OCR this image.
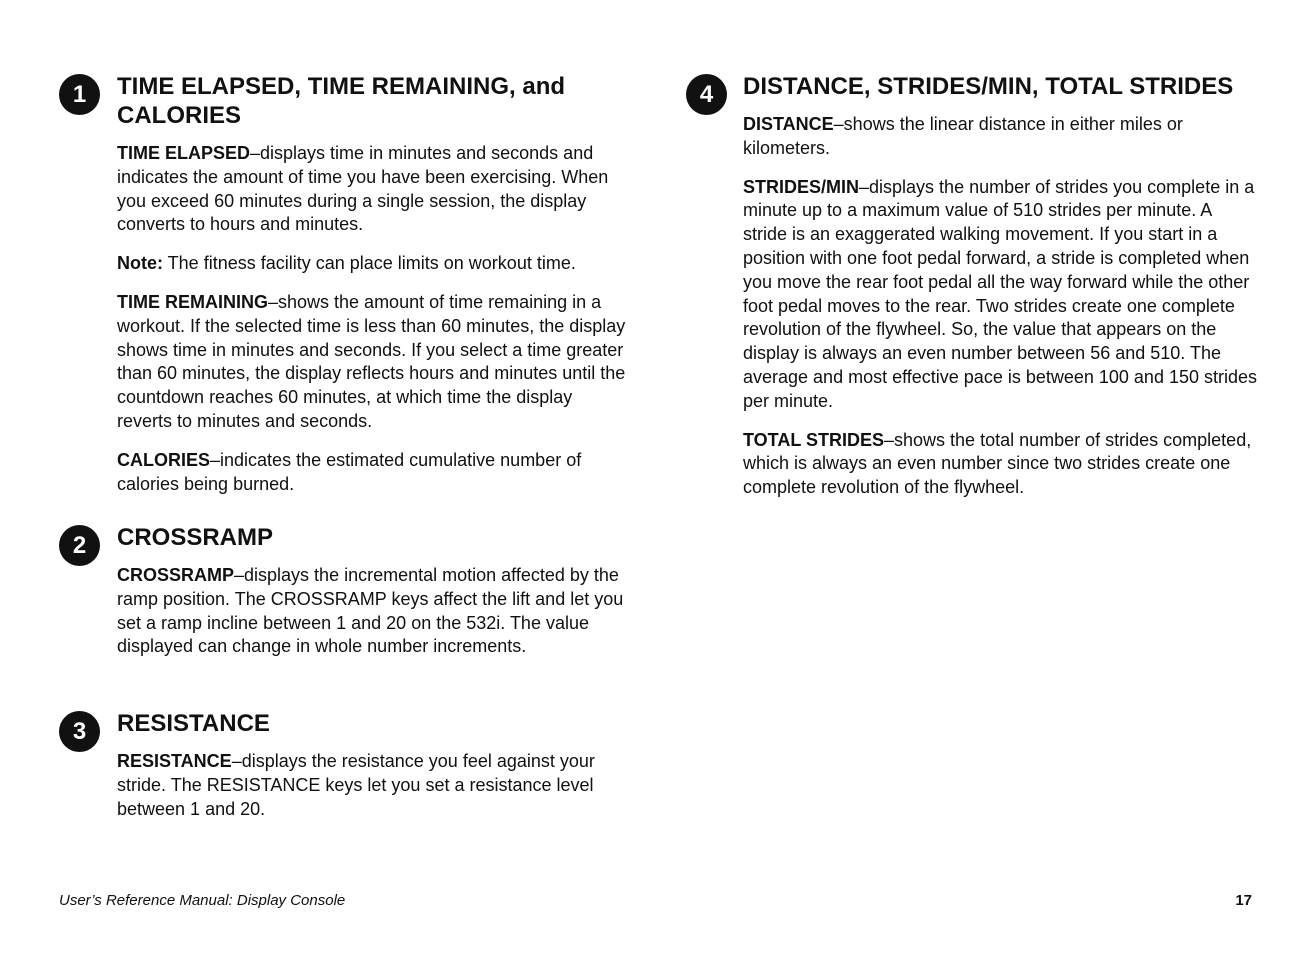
1	TIME ELAPSED, TIME REMAINING, and CALORIES

TIME ELAPSED–displays time in minutes and seconds and indicates the amount of time you have been exercising. When you exceed 60 minutes during a single session, the display converts to hours and minutes.

Note: The fitness facility can place limits on workout time.

TIME REMAINING–shows the amount of time remaining in a workout. If the selected time is less than 60 minutes, the display shows time in minutes and seconds. If you select a time greater than 60 minutes, the display reflects hours and minutes until the countdown reaches 60 minutes, at which time the display reverts to minutes and seconds.

CALORIES–indicates the estimated cumulative number of calories being burned.

2	CROSSRAMP

CROSSRAMP–displays the incremental motion affected by the ramp position. The CROSSRAMP keys affect the lift and let you set a ramp incline between 1 and 20 on the 532i. The value displayed can change in whole number increments.

3	RESISTANCE

RESISTANCE–displays the resistance you feel against your stride. The RESISTANCE keys let you set a resistance level between 1 and 20.

4	DISTANCE, STRIDES/MIN, TOTAL STRIDES

DISTANCE–shows the linear distance in either miles or kilometers.

STRIDES/MIN–displays the number of strides you complete in a minute up to a maximum value of 510 strides per minute. A stride is an exaggerated walking movement. If you start in a position with one foot pedal forward, a stride is completed when you move the rear foot pedal all the way forward while the other foot pedal moves to the rear. Two strides create one complete revolution of the flywheel. So, the value that appears on the display is always an even number between 56 and 510. The average and most effective pace is between 100 and 150 strides per minute.

TOTAL STRIDES–shows the total number of strides completed, which is always an even number since two strides create one complete revolution of the flywheel.

User’s Reference Manual: Display Console	17
